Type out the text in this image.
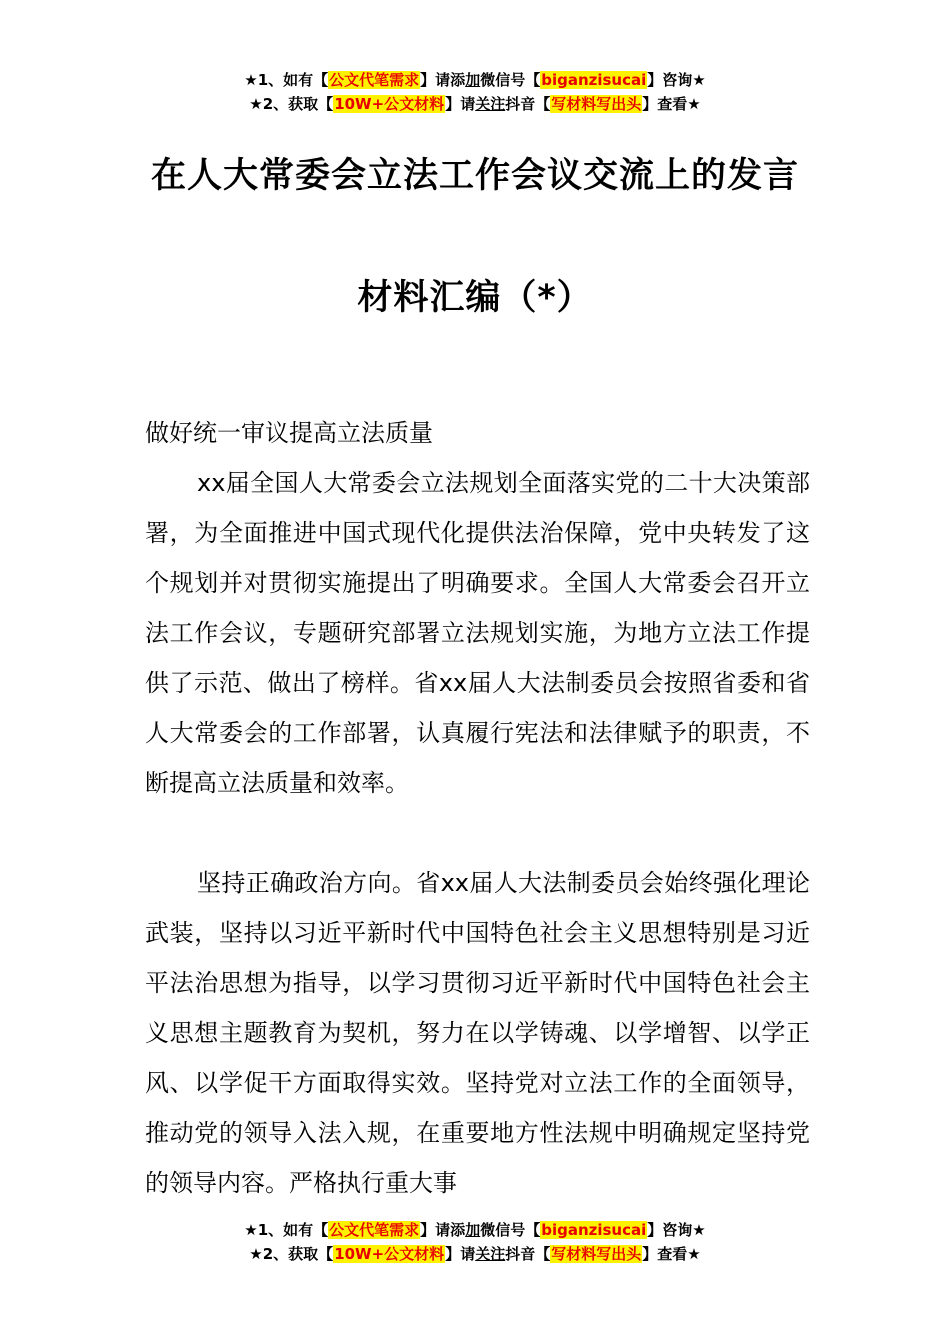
★1、如有【公文代笔需求】请添加微信号【biganzisucai】咨询★
★2、获取【10W+公文材料】请关注抖音【写材料写出头】查看★
在人大常委会立法工作会议交流上的发言
材料汇编（*）

做好统一审议提高立法质量

xx届全国人大常委会立法规划全面落实党的二十大决策部署，为全面推进中国式现代化提供法治保障，党中央转发了这个规划并对贯彻实施提出了明确要求。全国人大常委会召开立法工作会议，专题研究部署立法规划实施，为地方立法工作提供了示范、做出了榜样。省xx届人大法制委员会按照省委和省人大常委会的工作部署，认真履行宪法和法律赋予的职责，不断提高立法质量和效率。

坚持正确政治方向。省xx届人大法制委员会始终强化理论武装，坚持以习近平新时代中国特色社会主义思想特别是习近平法治思想为指导，以学习贯彻习近平新时代中国特色社会主义思想主题教育为契机，努力在以学铸魂、以学增智、以学正风、以学促干方面取得实效。坚持党对立法工作的全面领导，推动党的领导入法入规，在重要地方性法规中明确规定坚持党的领导内容。严格执行重大事

★1、如有【公文代笔需求】请添加微信号【biganzisucai】咨询★
★2、获取【10W+公文材料】请关注抖音【写材料写出头】查看★
